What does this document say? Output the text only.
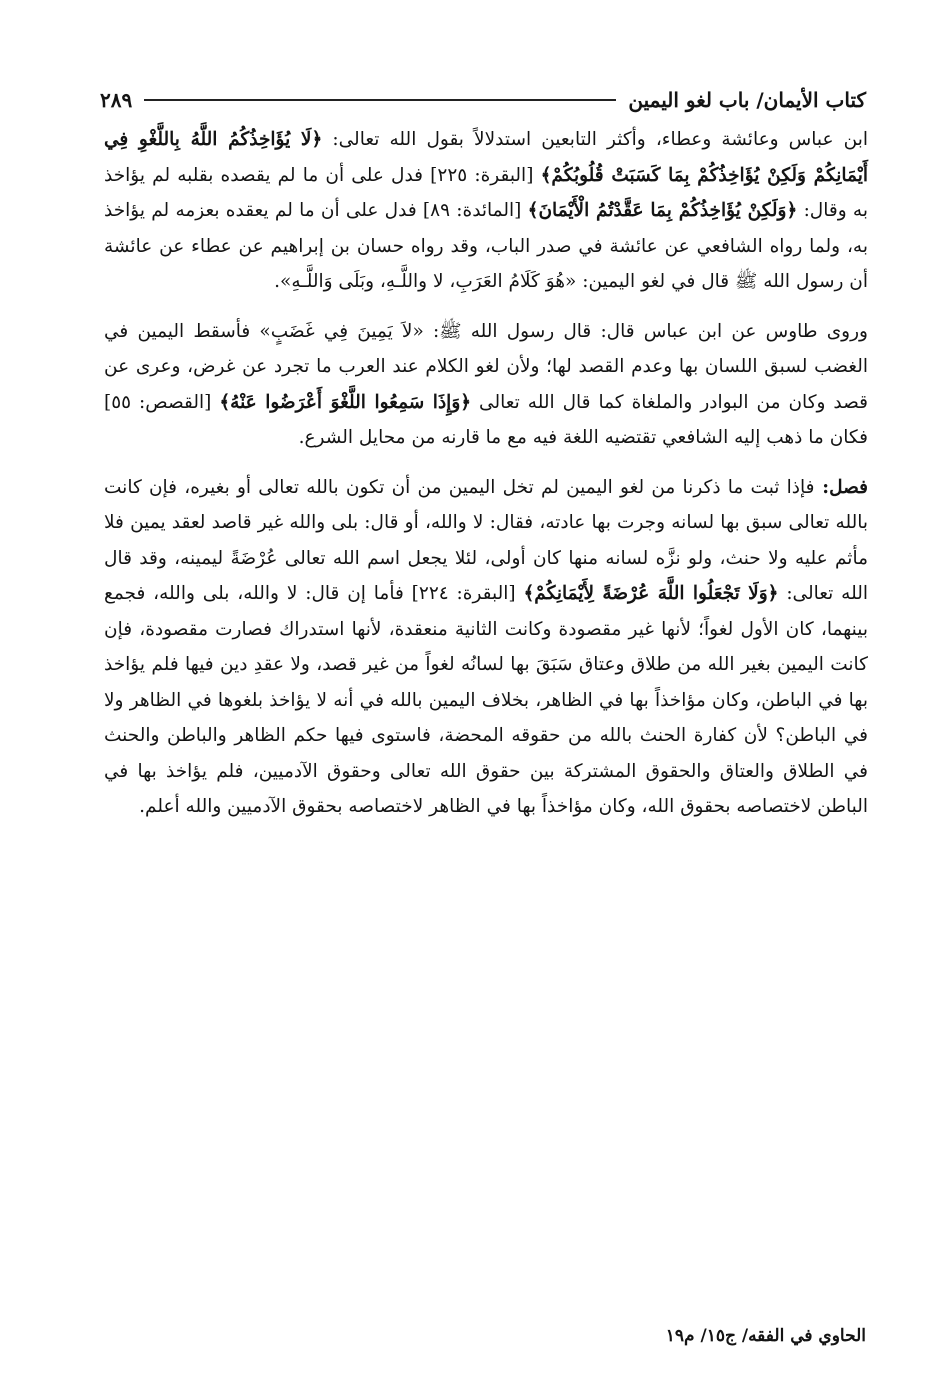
كتاب الأيمان/ باب لغو اليمين
٢٨٩

ابن عباس وعائشة وعطاء، وأكثر التابعين استدلالاً بقول الله تعالى: ﴿لَا يُؤَاخِذُكُمُ اللَّهُ بِاللَّغْوِ فِي أَيْمَانِكُمْ وَلَكِنْ يُؤَاخِذُكُمْ بِمَا كَسَبَتْ قُلُوبُكُمْ﴾ [البقرة: ٢٢٥] فدل على أن ما لم يقصده بقلبه لم يؤاخذ به وقال: ﴿وَلَكِنْ يُؤَاخِذُكُمْ بِمَا عَقَّدْتُمُ الْأَيْمَانَ﴾ [المائدة: ٨٩] فدل على أن ما لم يعقده بعزمه لم يؤاخذ به، ولما رواه الشافعي عن عائشة في صدر الباب، وقد رواه حسان بن إبراهيم عن عطاء عن عائشة أن رسول الله ﷺ قال في لغو اليمين: «هُوَ كَلَامُ العَرَبِ، لا واللَّـهِ، وبَلَى وَاللَّـهِ».

وروى طاوس عن ابن عباس قال: قال رسول الله ﷺ: «لاَ يَمِينَ فِي غَضَبٍ» فأسقط اليمين في الغضب لسبق اللسان بها وعدم القصد لها؛ ولأن لغو الكلام عند العرب ما تجرد عن غرض، وعرى عن قصد وكان من البوادر والملغاة كما قال الله تعالى ﴿وَإِذَا سَمِعُوا اللَّغْوَ أَعْرَضُوا عَنْهُ﴾ [القصص: ٥٥] فكان ما ذهب إليه الشافعي تقتضيه اللغة فيه مع ما قارنه من محايل الشرع.

فصل: فإذا ثبت ما ذكرنا من لغو اليمين لم تخل اليمين من أن تكون بالله تعالى أو بغيره، فإن كانت بالله تعالى سبق بها لسانه وجرت بها عادته، فقال: لا والله، أو قال: بلى والله غير قاصد لعقد يمين فلا مأثم عليه ولا حنث، ولو نزَّه لسانه منها كان أولى، لئلا يجعل اسم الله تعالى عُرْضَةً ليمينه، وقد قال الله تعالى: ﴿وَلَا تَجْعَلُوا اللَّهَ عُرْضَةً لِأَيْمَانِكُمْ﴾ [البقرة: ٢٢٤] فأما إن قال: لا والله، بلى والله، فجمع بينهما، كان الأول لغواً؛ لأنها غير مقصودة وكانت الثانية منعقدة، لأنها استدراك فصارت مقصودة، فإن كانت اليمين بغير الله من طلاق وعتاق سَبَقَ بها لسانُه لغواً من غير قصد، ولا عقدِ دين فيها فلم يؤاخذ بها في الباطن، وكان مؤاخذاً بها في الظاهر، بخلاف اليمين بالله في أنه لا يؤاخذ بلغوها في الظاهر ولا في الباطن؟ لأن كفارة الحنث بالله من حقوقه المحضة، فاستوى فيها حكم الظاهر والباطن والحنث في الطلاق والعتاق والحقوق المشتركة بين حقوق الله تعالى وحقوق الآدميين، فلم يؤاخذ بها في الباطن لاختصاصه بحقوق الله، وكان مؤاخذاً بها في الظاهر لاختصاصه بحقوق الآدميين والله أعلم.

الحاوي في الفقه/ ج١٥/ م١٩
